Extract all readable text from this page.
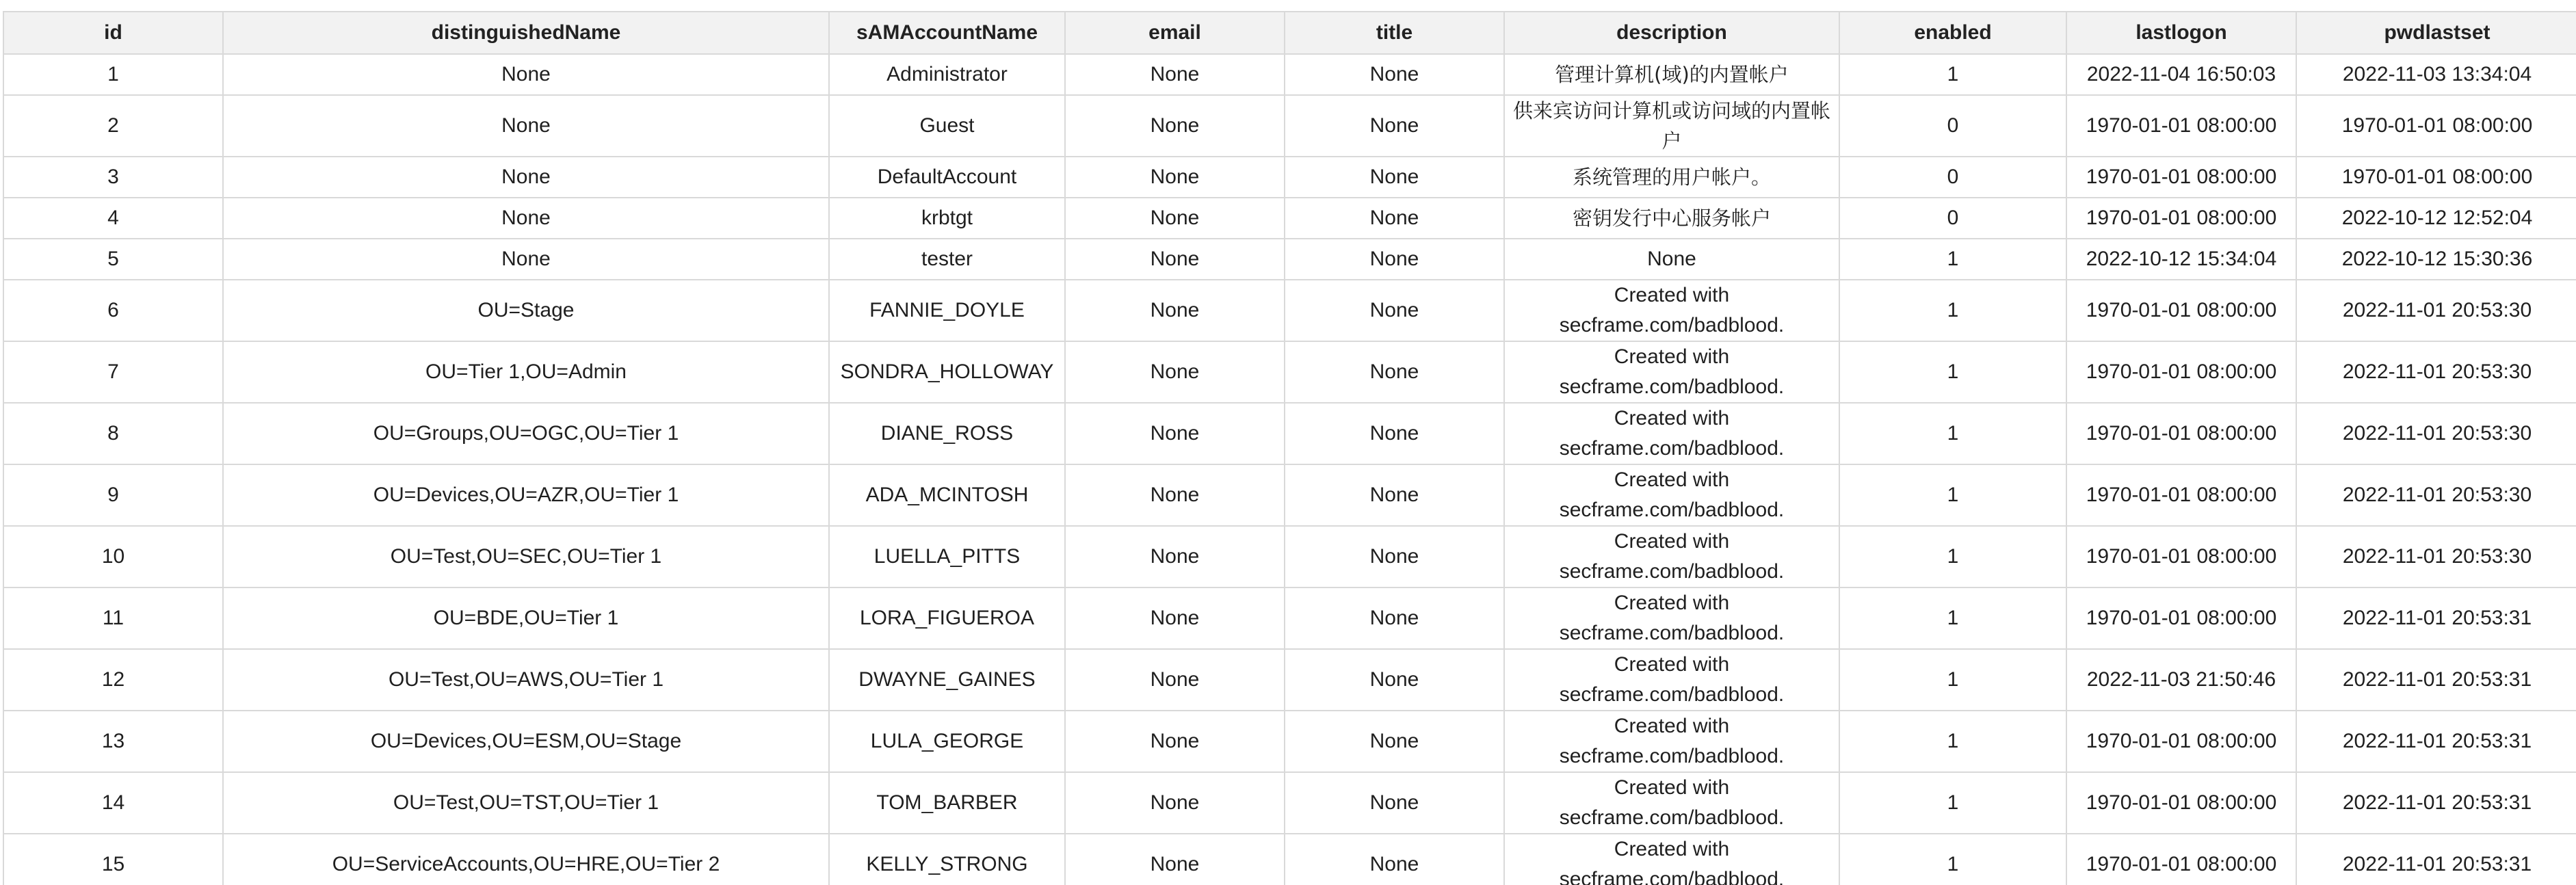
id	distinguishedName	sAMAccountName	email	title	description	enabled	lastlogon	pwdlastset
1	None	Administrator	None	None	管理计算机(域)的内置帐户	1	2022-11-04 16:50:03	2022-11-03 13:34:04
2	None	Guest	None	None	供来宾访问计算机或访问域的内置帐户	0	1970-01-01 08:00:00	1970-01-01 08:00:00
3	None	DefaultAccount	None	None	系统管理的用户帐户。	0	1970-01-01 08:00:00	1970-01-01 08:00:00
4	None	krbtgt	None	None	密钥发行中心服务帐户	0	1970-01-01 08:00:00	2022-10-12 12:52:04
5	None	tester	None	None	None	1	2022-10-12 15:34:04	2022-10-12 15:30:36
6	OU=Stage	FANNIE_DOYLE	None	None	Created with secframe.com/badblood.	1	1970-01-01 08:00:00	2022-11-01 20:53:30
7	OU=Tier 1,OU=Admin	SONDRA_HOLLOWAY	None	None	Created with secframe.com/badblood.	1	1970-01-01 08:00:00	2022-11-01 20:53:30
8	OU=Groups,OU=OGC,OU=Tier 1	DIANE_ROSS	None	None	Created with secframe.com/badblood.	1	1970-01-01 08:00:00	2022-11-01 20:53:30
9	OU=Devices,OU=AZR,OU=Tier 1	ADA_MCINTOSH	None	None	Created with secframe.com/badblood.	1	1970-01-01 08:00:00	2022-11-01 20:53:30
10	OU=Test,OU=SEC,OU=Tier 1	LUELLA_PITTS	None	None	Created with secframe.com/badblood.	1	1970-01-01 08:00:00	2022-11-01 20:53:30
11	OU=BDE,OU=Tier 1	LORA_FIGUEROA	None	None	Created with secframe.com/badblood.	1	1970-01-01 08:00:00	2022-11-01 20:53:31
12	OU=Test,OU=AWS,OU=Tier 1	DWAYNE_GAINES	None	None	Created with secframe.com/badblood.	1	2022-11-03 21:50:46	2022-11-01 20:53:31
13	OU=Devices,OU=ESM,OU=Stage	LULA_GEORGE	None	None	Created with secframe.com/badblood.	1	1970-01-01 08:00:00	2022-11-01 20:53:31
14	OU=Test,OU=TST,OU=Tier 1	TOM_BARBER	None	None	Created with secframe.com/badblood.	1	1970-01-01 08:00:00	2022-11-01 20:53:31
15	OU=ServiceAccounts,OU=HRE,OU=Tier 2	KELLY_STRONG	None	None	Created with secframe.com/badblood.	1	1970-01-01 08:00:00	2022-11-01 20:53:31
